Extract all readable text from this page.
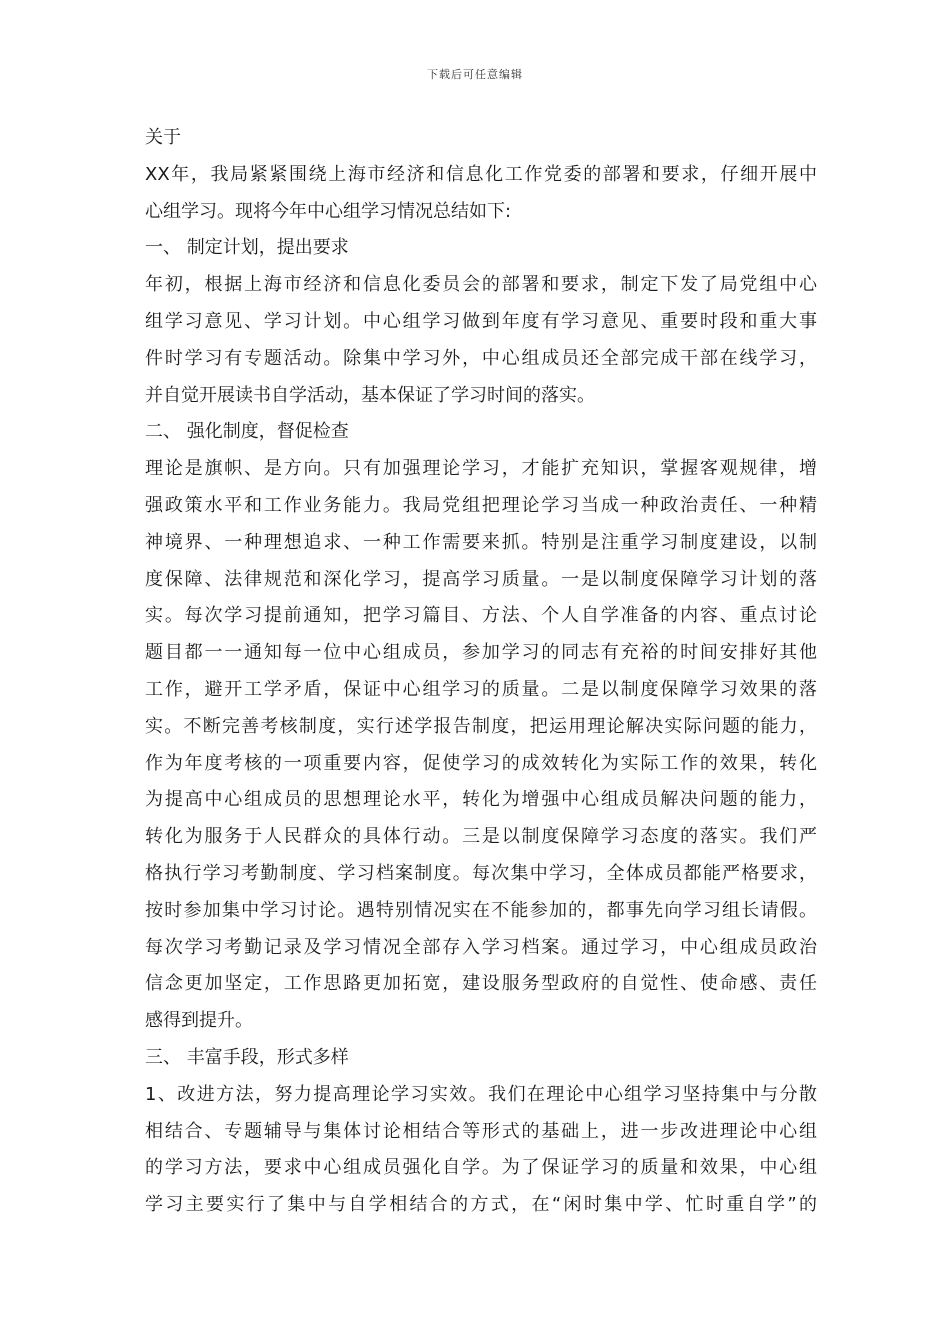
下载后可任意编辑
关于
XX年，我局紧紧围绕上海市经济和信息化工作党委的部署和要求，仔细开展中
心组学习。现将今年中心组学习情况总结如下:
一、 制定计划，提出要求
年初，根据上海市经济和信息化委员会的部署和要求，制定下发了局党组中心
组学习意见、学习计划。中心组学习做到年度有学习意见、重要时段和重大事
件时学习有专题活动。除集中学习外，中心组成员还全部完成干部在线学习，
并自觉开展读书自学活动，基本保证了学习时间的落实。
二、 强化制度，督促检查
理论是旗帜、是方向。只有加强理论学习，才能扩充知识，掌握客观规律，增
强政策水平和工作业务能力。我局党组把理论学习当成一种政治责任、一种精
神境界、一种理想追求、一种工作需要来抓。特别是注重学习制度建设，以制
度保障、法律规范和深化学习，提高学习质量。一是以制度保障学习计划的落
实。每次学习提前通知，把学习篇目、方法、个人自学准备的内容、重点讨论
题目都一一通知每一位中心组成员，参加学习的同志有充裕的时间安排好其他
工作，避开工学矛盾，保证中心组学习的质量。二是以制度保障学习效果的落
实。不断完善考核制度，实行述学报告制度，把运用理论解决实际问题的能力，
作为年度考核的一项重要内容，促使学习的成效转化为实际工作的效果，转化
为提高中心组成员的思想理论水平，转化为增强中心组成员解决问题的能力，
转化为服务于人民群众的具体行动。三是以制度保障学习态度的落实。我们严
格执行学习考勤制度、学习档案制度。每次集中学习，全体成员都能严格要求，
按时参加集中学习讨论。遇特别情况实在不能参加的，都事先向学习组长请假。
每次学习考勤记录及学习情况全部存入学习档案。通过学习，中心组成员政治
信念更加坚定，工作思路更加拓宽，建设服务型政府的自觉性、使命感、责任
感得到提升。
三、 丰富手段，形式多样
1、改进方法，努力提高理论学习实效。我们在理论中心组学习坚持集中与分散
相结合、专题辅导与集体讨论相结合等形式的基础上，进一步改进理论中心组
的学习方法，要求中心组成员强化自学。为了保证学习的质量和效果，中心组
学习主要实行了集中与自学相结合的方式，在“闲时集中学、忙时重自学”的
